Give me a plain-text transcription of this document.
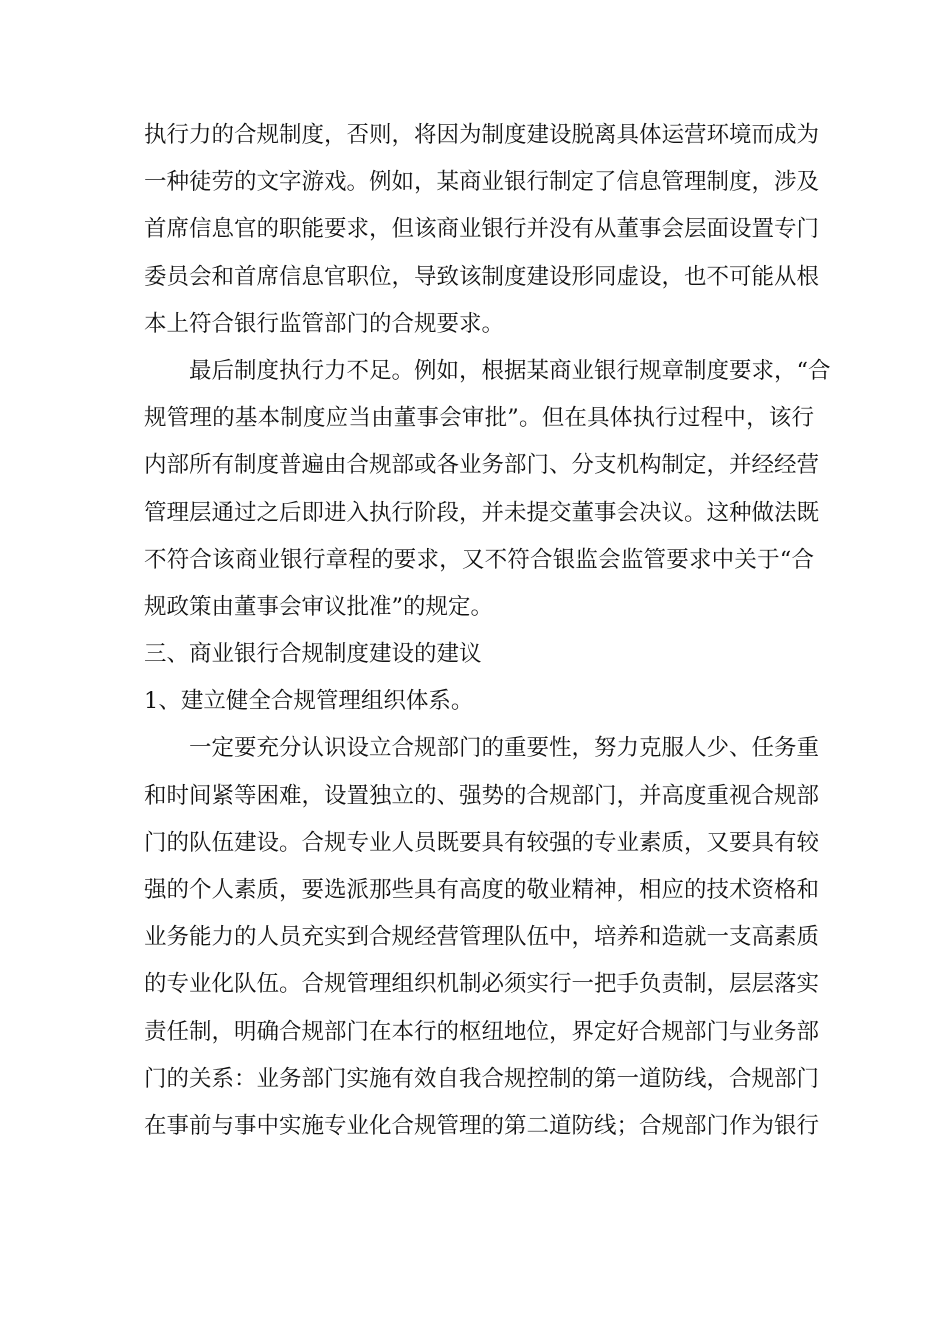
执行力的合规制度，否则，将因为制度建设脱离具体运营环境而成为
一种徒劳的文字游戏。例如，某商业银行制定了信息管理制度，涉及
首席信息官的职能要求，但该商业银行并没有从董事会层面设置专门
委员会和首席信息官职位，导致该制度建设形同虚设，也不可能从根
本上符合银行监管部门的合规要求。
最后制度执行力不足。例如，根据某商业银行规章制度要求，“合
规管理的基本制度应当由董事会审批”。但在具体执行过程中，该行
内部所有制度普遍由合规部或各业务部门、分支机构制定，并经经营
管理层通过之后即进入执行阶段，并未提交董事会决议。这种做法既
不符合该商业银行章程的要求，又不符合银监会监管要求中关于“合
规政策由董事会审议批准”的规定。
三、商业银行合规制度建设的建议
1、建立健全合规管理组织体系。
一定要充分认识设立合规部门的重要性，努力克服人少、任务重
和时间紧等困难，设置独立的、强势的合规部门，并高度重视合规部
门的队伍建设。合规专业人员既要具有较强的专业素质，又要具有较
强的个人素质，要选派那些具有高度的敬业精神，相应的技术资格和
业务能力的人员充实到合规经营管理队伍中，培养和造就一支高素质
的专业化队伍。合规管理组织机制必须实行一把手负责制，层层落实
责任制，明确合规部门在本行的枢纽地位，界定好合规部门与业务部
门的关系：业务部门实施有效自我合规控制的第一道防线，合规部门
在事前与事中实施专业化合规管理的第二道防线；合规部门作为银行
